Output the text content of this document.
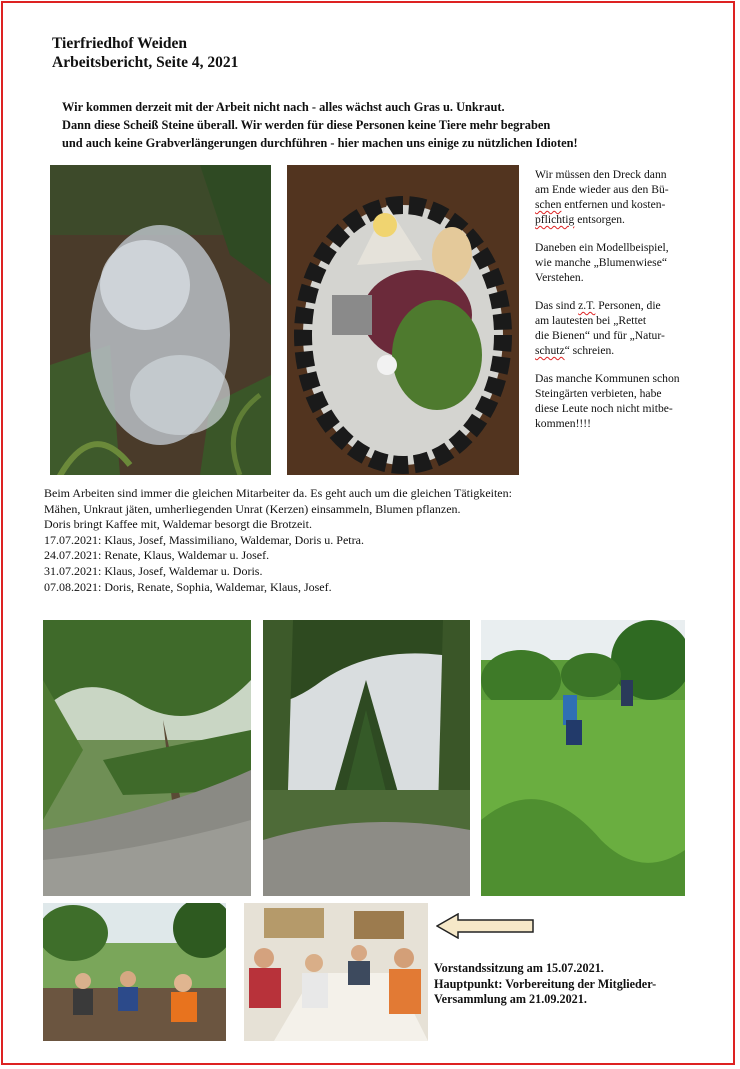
Tierfriedhof Weiden
Arbeitsbericht, Seite 4, 2021
Wir kommen derzeit mit der Arbeit nicht nach - alles wächst auch Gras u. Unkraut.
Dann diese Scheiß Steine überall. Wir werden für diese Personen keine Tiere mehr begraben
und auch keine Grabverlängerungen durchführen - hier machen uns einige zu nützlichen Idioten!

Wir müssen den Dreck dann
am Ende wieder aus den Bü-
schen entfernen und kosten-
pflichtig entsorgen.

Daneben ein Modellbeispiel,
wie manche „Blumenwiese“
Verstehen.

Das sind z.T. Personen, die
am lautesten bei „Rettet
die Bienen“ und für „Natur-
schutz“ schreien.

Das manche Kommunen schon
Steingärten verbieten, habe
diese Leute noch nicht mitbe-
kommen!!!!

Beim Arbeiten sind immer die gleichen Mitarbeiter da. Es geht auch um die gleichen Tätigkeiten:
Mähen, Unkraut jäten, umherliegenden Unrat (Kerzen) einsammeln, Blumen pflanzen.
Doris bringt Kaffee mit, Waldemar besorgt die Brotzeit.
17.07.2021: Klaus, Josef, Massimiliano, Waldemar, Doris u. Petra.
24.07.2021: Renate, Klaus, Waldemar u. Josef.
31.07.2021: Klaus, Josef, Waldemar u. Doris.
07.08.2021: Doris, Renate, Sophia, Waldemar, Klaus, Josef.
Vorstandssitzung am 15.07.2021.
Hauptpunkt: Vorbereitung der Mitglieder-
Versammlung am 21.09.2021.
